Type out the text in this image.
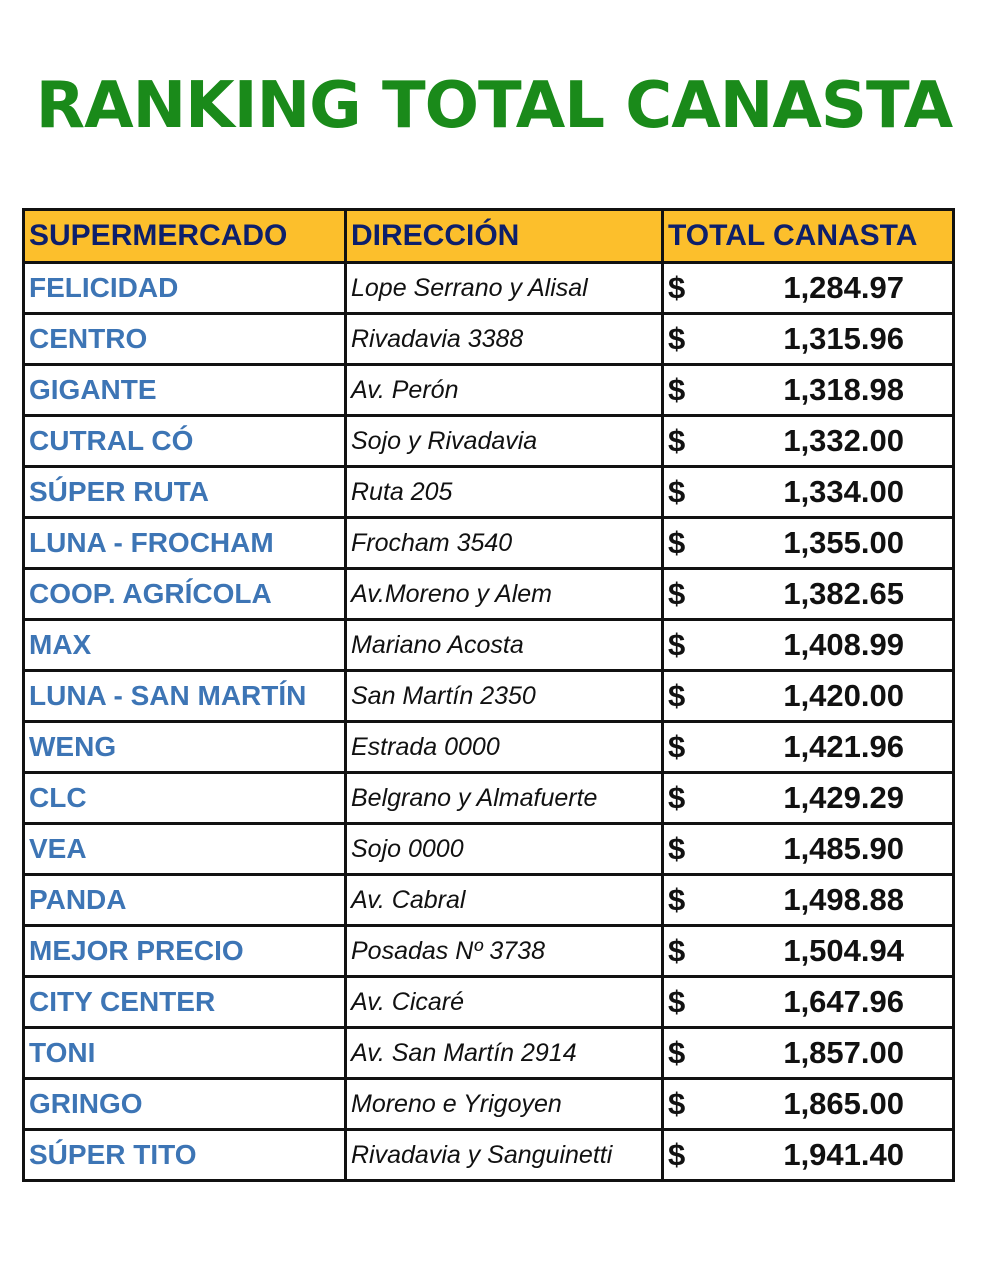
RANKING TOTAL CANASTA
SUPERMERCADO	DIRECCIÓN	TOTAL CANASTA
FELICIDAD	Lope Serrano y Alisal	$ 1,284.97

CENTRO	Rivadavia 3388	$ 1,315.96

GIGANTE	Av. Perón	$ 1,318.98

CUTRAL CÓ	Sojo y Rivadavia	$ 1,332.00

SÚPER RUTA	Ruta 205	$ 1,334.00

LUNA - FROCHAM	Frocham 3540	$ 1,355.00

COOP. AGRÍCOLA	Av.Moreno y Alem	$ 1,382.65

MAX	Mariano Acosta	$ 1,408.99

LUNA - SAN MARTÍN	San Martín 2350	$ 1,420.00

WENG	Estrada 0000	$ 1,421.96

CLC	Belgrano y Almafuerte	$ 1,429.29

VEA	Sojo 0000	$ 1,485.90

PANDA	Av. Cabral	$ 1,498.88

MEJOR PRECIO	Posadas Nº 3738	$ 1,504.94

CITY CENTER	Av. Cicaré	$ 1,647.96

TONI	Av. San Martín 2914	$ 1,857.00

GRINGO	Moreno e Yrigoyen	$ 1,865.00

SÚPER TITO	Rivadavia y Sanguinetti	$ 1,941.40
